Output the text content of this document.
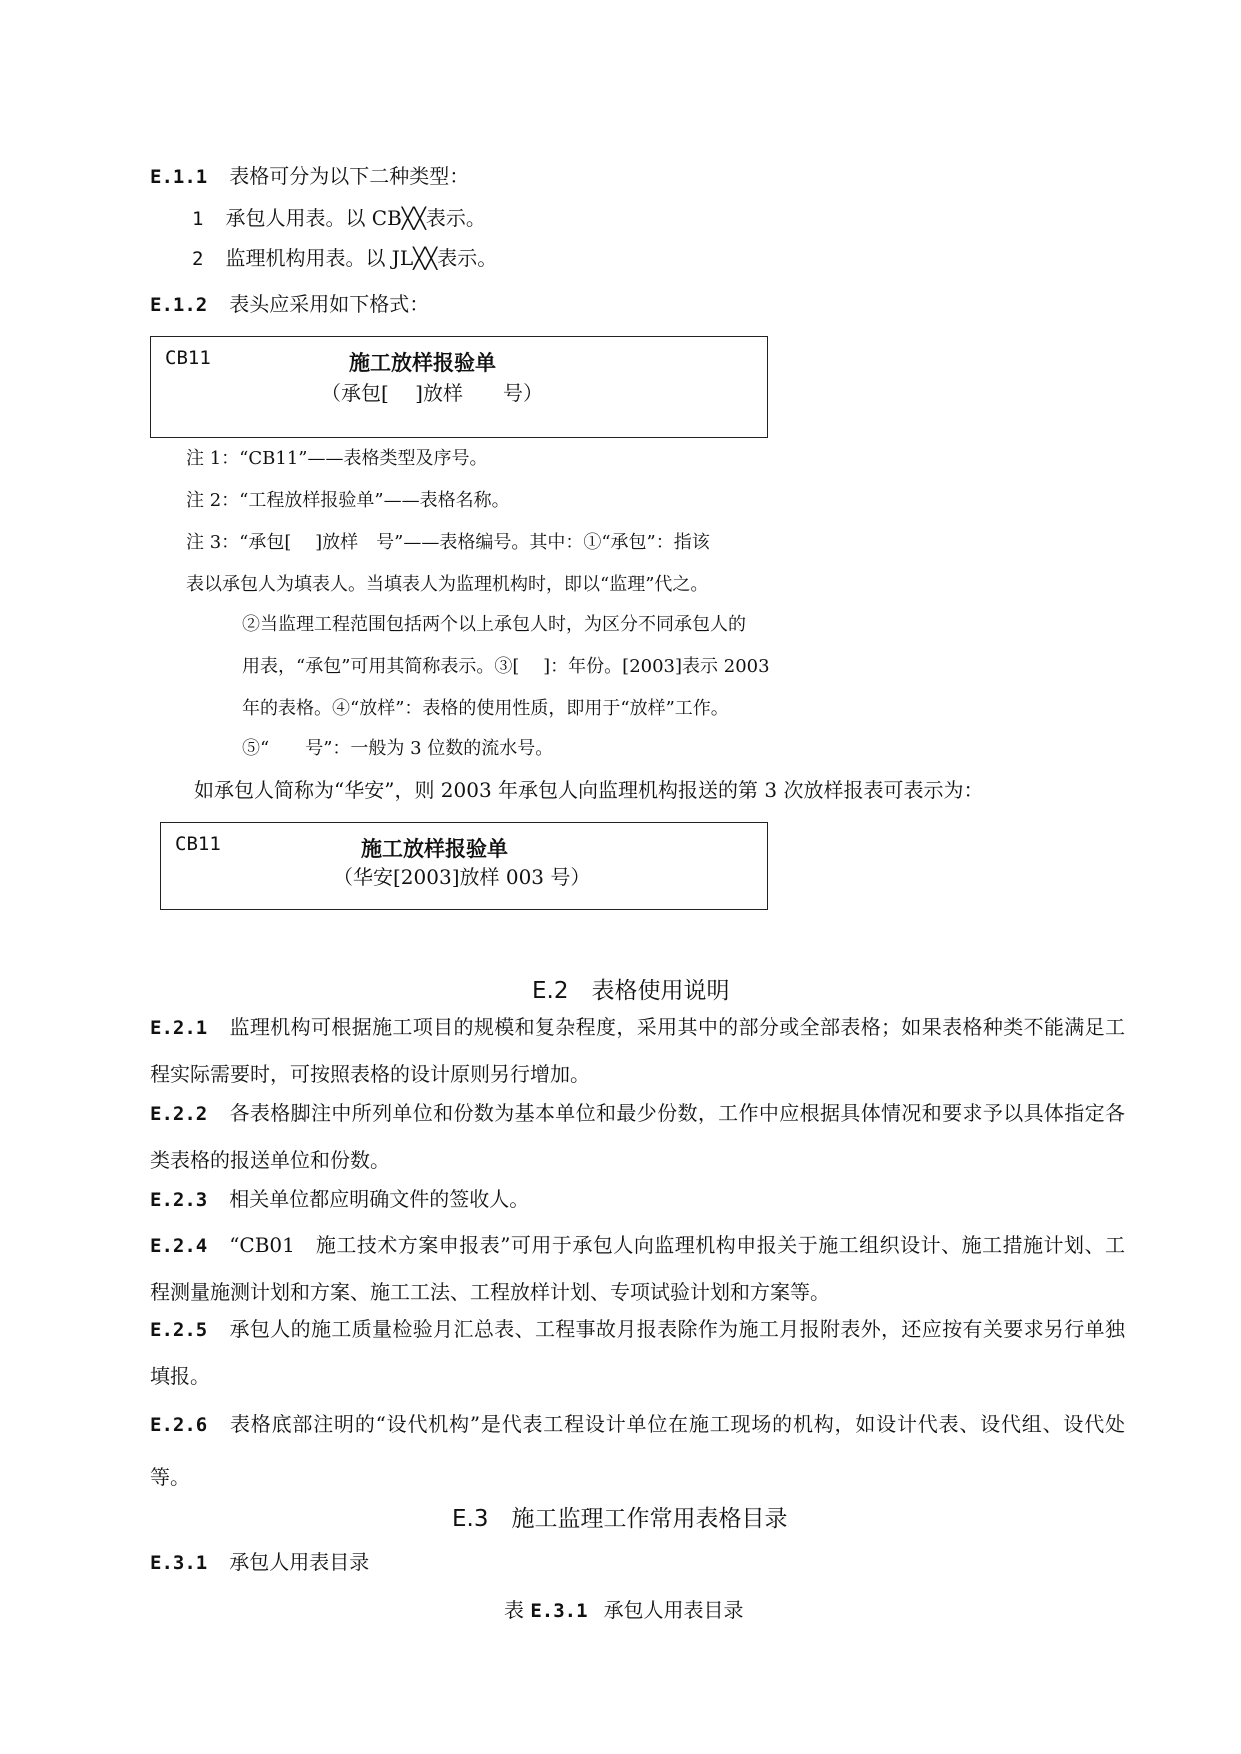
E.1.1 表格可分为以下二种类型：
1 承包人用表。以 CB╳╳表示。
2 监理机构用表。以 JL╳╳表示。
E.1.2 表头应采用如下格式：
CB11	施工放样报验单
（承包[　 ]放样　　号）
注 1：“CB11”——表格类型及序号。
注 2：“工程放样报验单”——表格名称。
注 3：“承包[　 ]放样　号”——表格编号。其中：①“承包”：指该
表以承包人为填表人。当填表人为监理机构时，即以“监理”代之。
②当监理工程范围包括两个以上承包人时，为区分不同承包人的
用表，“承包”可用其简称表示。③[　 ]：年份。[2003]表示 2003
年的表格。④“放样”：表格的使用性质，即用于“放样”工作。
⑤“　　号”：一般为 3 位数的流水号。
如承包人简称为“华安”，则 2003 年承包人向监理机构报送的第 3 次放样报表可表示为：
CB11	施工放样报验单
（华安[2003]放样 003 号）
E.2　表格使用说明
E.2.1 监理机构可根据施工项目的规模和复杂程度，采用其中的部分或全部表格；如果表格种类不能满足工程实际需要时，可按照表格的设计原则另行增加。
E.2.2 各表格脚注中所列单位和份数为基本单位和最少份数，工作中应根据具体情况和要求予以具体指定各类表格的报送单位和份数。
E.2.3 相关单位都应明确文件的签收人。
E.2.4 “CB01　施工技术方案申报表”可用于承包人向监理机构申报关于施工组织设计、施工措施计划、工程测量施测计划和方案、施工工法、工程放样计划、专项试验计划和方案等。
E.2.5 承包人的施工质量检验月汇总表、工程事故月报表除作为施工月报附表外，还应按有关要求另行单独填报。
E.2.6 表格底部注明的“设代机构”是代表工程设计单位在施工现场的机构，如设计代表、设代组、设代处等。
E.3　施工监理工作常用表格目录
E.3.1 承包人用表目录
表 E.3.1 承包人用表目录
